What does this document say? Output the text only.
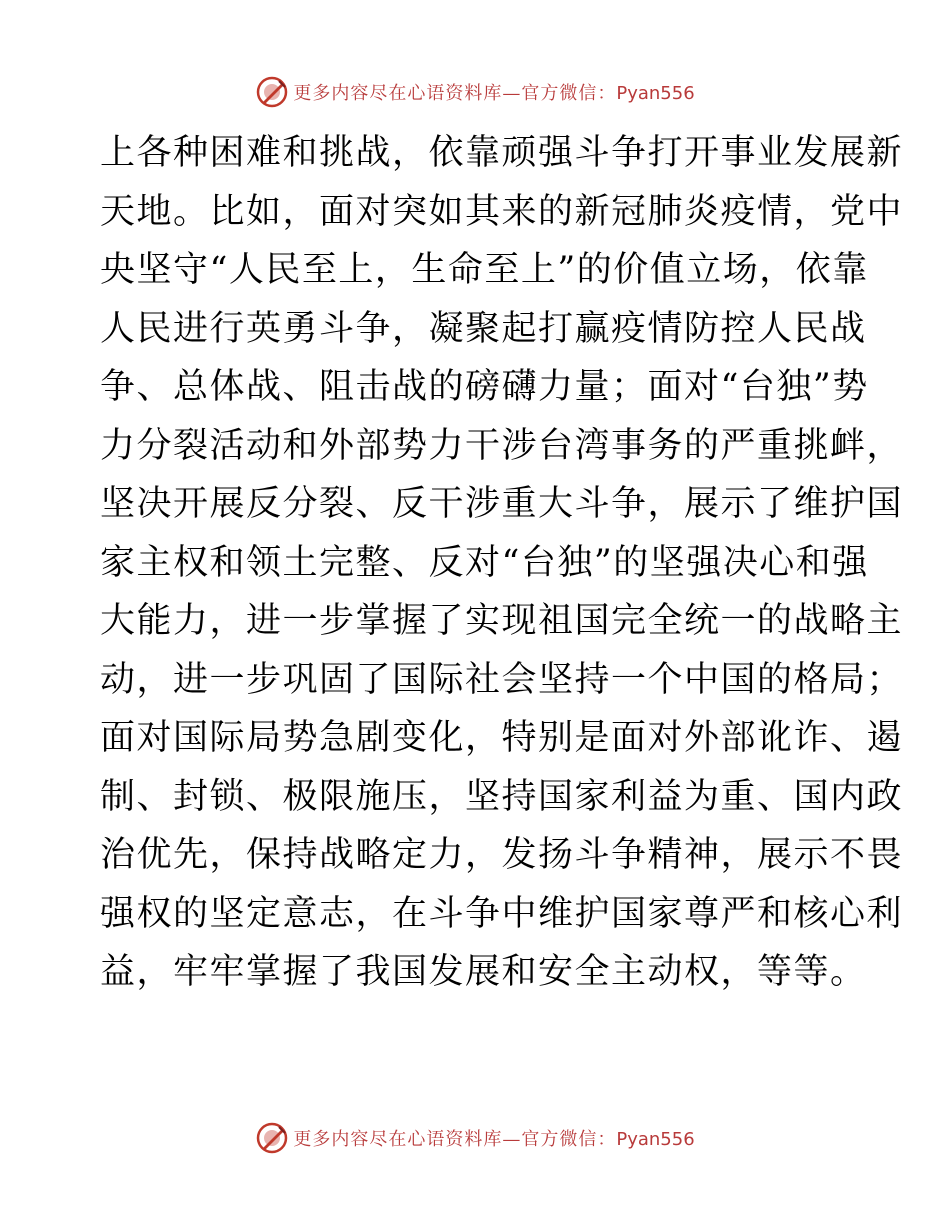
更多内容尽在心语资料库—官方微信：Pyan556
上各种困难和挑战，依靠顽强斗争打开事业发展新
天地。比如，面对突如其来的新冠肺炎疫情，党中
央坚守“人民至上，生命至上”的价值立场，依靠
人民进行英勇斗争，凝聚起打赢疫情防控人民战
争、总体战、阻击战的磅礴力量；面对“台独”势
力分裂活动和外部势力干涉台湾事务的严重挑衅，
坚决开展反分裂、反干涉重大斗争，展示了维护国
家主权和领土完整、反对“台独”的坚强决心和强
大能力，进一步掌握了实现祖国完全统一的战略主
动，进一步巩固了国际社会坚持一个中国的格局；
面对国际局势急剧变化，特别是面对外部讹诈、遏
制、封锁、极限施压，坚持国家利益为重、国内政
治优先，保持战略定力，发扬斗争精神，展示不畏
强权的坚定意志，在斗争中维护国家尊严和核心利
益，牢牢掌握了我国发展和安全主动权，等等。
更多内容尽在心语资料库—官方微信：Pyan556
